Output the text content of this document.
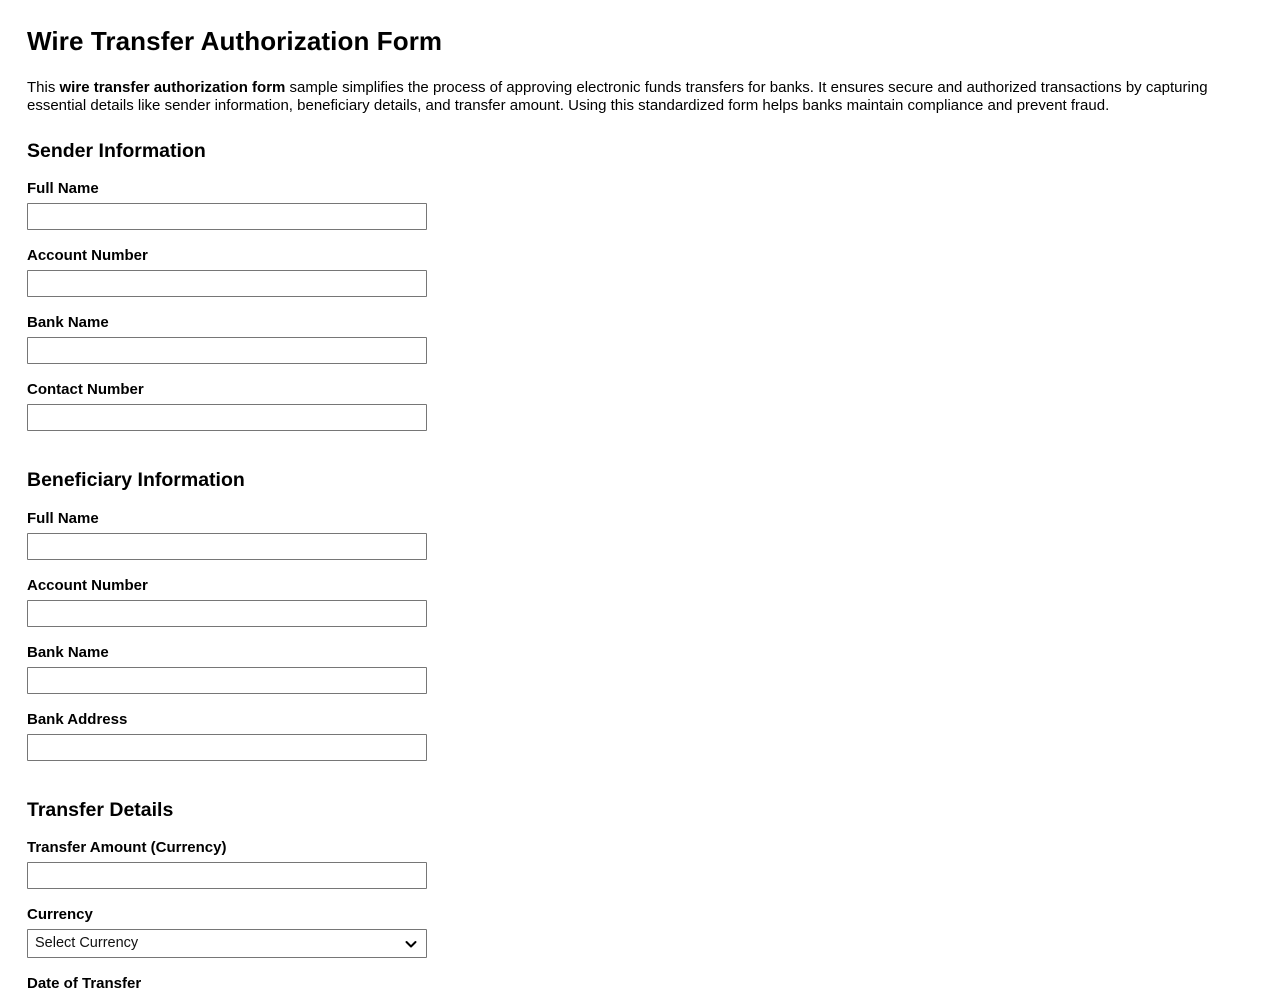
Wire Transfer Authorization Form

This wire transfer authorization form sample simplifies the process of approving electronic funds transfers for banks. It ensures secure and authorized transactions by capturing essential details like sender information, beneficiary details, and transfer amount. Using this standardized form helps banks maintain compliance and prevent fraud.

Sender Information
Full Name
Account Number
Bank Name
Contact Number
Beneficiary Information
Full Name
Account Number
Bank Name
Bank Address
Transfer Details
Transfer Amount (Currency)
Currency
Select Currency
Date of Transfer
